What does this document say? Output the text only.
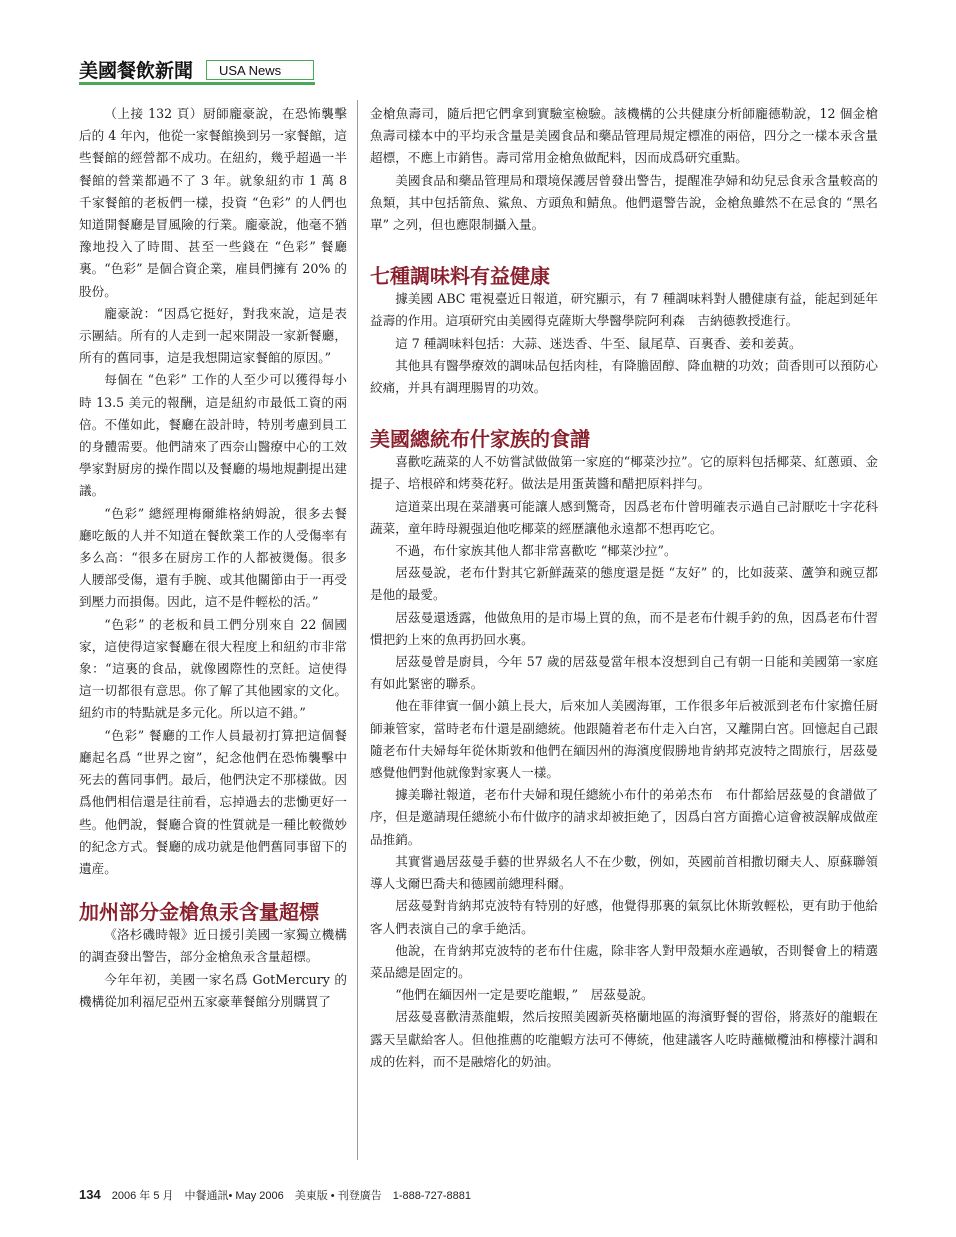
美國餐飲新聞	USA News

（上接 132 頁）厨師龐豪說，在恐怖襲擊后的 4 年內，他從一家餐館換到另一家餐館，這些餐館的經營都不成功。在紐約，幾乎超過一半餐館的營業都過不了 3 年。就象紐約市 1 萬 8 千家餐館的老板們一樣，投資 “色彩” 的人們也知道開餐廳是冒風險的行業。龐豪說，他毫不猶豫地投入了時間、甚至一些錢在 “色彩” 餐廳裏。“色彩” 是個合資企業，雇員們擁有 20% 的股份。

龐豪說：“因爲它挺好，對我來說，這是表示團結。所有的人走到一起來開設一家新餐廳，所有的舊同事，這是我想開這家餐館的原因。”

每個在 “色彩” 工作的人至少可以獲得每小時 13.5 美元的報酬，這是紐約市最低工資的兩倍。不僅如此，餐廳在設計時，特別考慮到員工的身體需要。他們請來了西奈山醫療中心的工效學家對厨房的操作間以及餐廳的場地規劃提出建議。

“色彩” 總經理梅爾維格納姆說，很多去餐廳吃飯的人并不知道在餐飲業工作的人受傷率有多么高：“很多在厨房工作的人都被燙傷。很多人腰部受傷，還有手腕、或其他關節由于一再受到壓力而損傷。因此，這不是件輕松的活。”

“色彩” 的老板和員工們分別來自 22 個國家，這使得這家餐廳在很大程度上和紐約市非常象：“這裏的食品，就像國際性的烹飪。這使得這一切都很有意思。你了解了其他國家的文化。紐約市的特點就是多元化。所以這不錯。”

“色彩” 餐廳的工作人員最初打算把這個餐廳起名爲 “世界之窗”，紀念他們在恐怖襲擊中死去的舊同事們。最后，他們決定不那樣做。因爲他們相信還是往前看，忘掉過去的悲慟更好一些。他們說，餐廳合資的性質就是一種比較微妙的紀念方式。餐廳的成功就是他們舊同事留下的遺産。

加州部分金槍魚汞含量超標

《洛杉磯時報》近日援引美國一家獨立機構的調查發出警告，部分金槍魚汞含量超標。

今年年初，美國一家名爲 GotMercury 的機構從加利福尼亞州五家豪華餐館分別購買了

金槍魚壽司，隨后把它們拿到實驗室檢驗。該機構的公共健康分析師龐德勒說，12 個金槍魚壽司樣本中的平均汞含量是美國食品和藥品管理局規定標准的兩倍，四分之一樣本汞含量超標，不應上市銷售。壽司常用金槍魚做配料，因而成爲研究重點。

美國食品和藥品管理局和環境保護居曾發出警告，提醒准孕婦和幼兒忌食汞含量較高的魚類，其中包括箭魚、鯊魚、方頭魚和鯖魚。他們還警告說，金槍魚雖然不在忌食的 “黑名單” 之列，但也應限制攝入量。

七種調味料有益健康

據美國 ABC 電視臺近日報道，研究顯示，有 7 種調味料對人體健康有益，能起到延年益壽的作用。這項研究由美國得克薩斯大學醫學院阿利森　吉納德教授進行。

這 7 種調味料包括：大蒜、迷迭香、牛至、鼠尾草、百裏香、姜和姜黃。

其他具有醫學療效的調味品包括肉桂，有降膽固醇、降血糖的功效；茴香則可以預防心絞痛，并具有調理腸胃的功效。

美國總統布什家族的食譜

喜歡吃蔬菜的人不妨嘗試做做第一家庭的“椰菜沙拉”。它的原料包括椰菜、紅蔥頭、金提子、培根碎和烤葵花籽。做法是用蛋黃醬和醋把原料拌勻。

這道菜出現在菜譜裏可能讓人感到驚奇，因爲老布什曾明確表示過自己討厭吃十字花科蔬菜，童年時母親强迫他吃椰菜的經歷讓他永遠都不想再吃它。

不過，布什家族其他人都非常喜歡吃 “椰菜沙拉”。

居茲曼說，老布什對其它新鮮蔬菜的態度還是挺 “友好” 的，比如菠菜、蘆笋和豌豆都是他的最愛。

居茲曼還透露，他做魚用的是市場上買的魚，而不是老布什親手釣的魚，因爲老布什習慣把釣上來的魚再扔回水裏。

居茲曼曾是廚員，今年 57 歲的居茲曼當年根本沒想到自己有朝一日能和美國第一家庭有如此緊密的聯系。

他在菲律賓一個小鎮上長大，后來加人美國海軍，工作很多年后被派到老布什家擔任厨師兼管家，當時老布什還是副總統。他跟隨着老布什走入白宮，又離開白宮。回憶起自己跟隨老布什夫婦每年從休斯敦和他們在緬因州的海濱度假勝地肯納邦克波特之間旅行，居茲曼感覺他們對他就像對家裏人一樣。

據美聯社報道，老布什夫婦和現任總統小布什的弟弟杰布　布什都給居茲曼的食譜做了序，但是邀請現任總統小布什做序的請求却被拒絶了，因爲白宮方面擔心這會被誤解成做産品推銷。

其實嘗過居茲曼手藝的世界級名人不在少數，例如，英國前首相撒切爾夫人、原蘇聯領導人戈爾巴喬夫和德國前總理科爾。

居茲曼對肯納邦克波特有特別的好感，他覺得那裏的氣氛比休斯敦輕松，更有助于他給客人們表演自己的拿手絶活。

他說，在肯納邦克波特的老布什住處，除非客人對甲殼類水産過敏，否則餐會上的精選菜品總是固定的。

“他們在緬因州一定是要吃龍蝦，”　居茲曼說。

居茲曼喜歡清蒸龍蝦，然后按照美國新英格蘭地區的海濱野餐的習俗，將蒸好的龍蝦在露天呈獻給客人。但他推薦的吃龍蝦方法可不傳統，他建議客人吃時蘸橄欖油和檸檬汁調和成的佐料，而不是融熔化的奶油。

134 2006 年 5 月　中餐通訊• May 2006　美東版 • 刊登廣告　1-888-727-8881
